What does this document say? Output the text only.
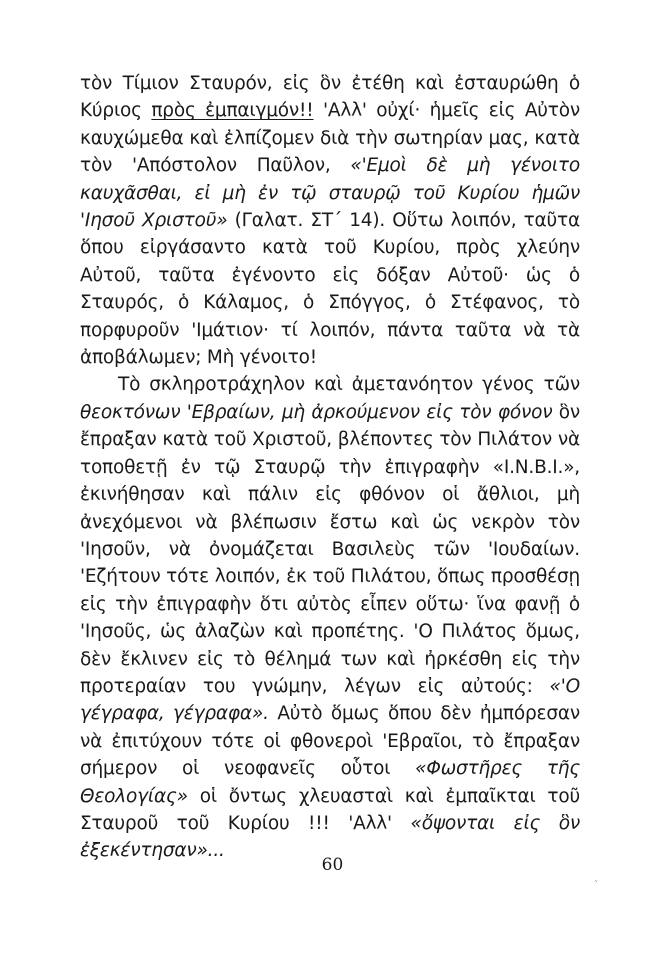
τὸν Τίμιον Σταυρόν, εἰς ὃν ἐτέθη καὶ ἐσταυρώθη ὁ Κύριος πρὸς ἐμπαιγμόν!! 'Αλλ' οὐχί· ἡμεῖς εἰς Αὐτὸν καυχώμεθα καὶ ἐλπίζομεν διὰ τὴν σωτηρίαν μας, κατὰ τὸν 'Απόστολον Παῦλον, «'Εμοὶ δὲ μὴ γένοιτο καυχᾶσθαι, εἰ μὴ ἐν τῷ σταυρῷ τοῦ Κυρίου ἡμῶν 'Ιησοῦ Χριστοῦ» (Γαλατ. ΣΤ΄ 14). Οὕτω λοιπόν, ταῦτα ὅπου εἰργάσαντο κατὰ τοῦ Κυρίου, πρὸς χλεύην Αὐτοῦ, ταῦτα ἐγένοντο εἰς δόξαν Αὐτοῦ· ὡς ὁ Σταυρός, ὁ Κάλαμος, ὁ Σπόγγος, ὁ Στέφανος, τὸ πορφυροῦν 'Ιμάτιον· τί λοιπόν, πάντα ταῦτα νὰ τὰ ἀποβάλωμεν; Μὴ γένοιτο!

Τὸ σκληροτράχηλον καὶ ἀμετανόητον γένος τῶν θεοκτόνων 'Εβραίων, μὴ ἀρκούμενον εἰς τὸν φόνον ὃν ἔπραξαν κατὰ τοῦ Χριστοῦ, βλέποντες τὸν Πιλάτον νὰ τοποθετῇ ἐν τῷ Σταυρῷ τὴν ἐπιγραφὴν «Ι.Ν.Β.Ι.», ἐκινήθησαν καὶ πάλιν εἰς φθόνον οἱ ἄθλιοι, μὴ ἀνεχόμενοι νὰ βλέπωσιν ἔστω καὶ ὡς νεκρὸν τὸν 'Ιησοῦν, νὰ ὀνομάζεται Βασιλεὺς τῶν 'Ιουδαίων. 'Εζήτουν τότε λοιπόν, ἐκ τοῦ Πιλάτου, ὅπως προσθέσῃ εἰς τὴν ἐπιγραφὴν ὅτι αὐτὸς εἶπεν οὕτω· ἵνα φανῇ ὁ 'Ιησοῦς, ὡς ἀλαζὼν καὶ προπέτης. 'Ο Πιλάτος ὅμως, δὲν ἔκλινεν εἰς τὸ θέλημά των καὶ ἠρκέσθη εἰς τὴν προτεραίαν του γνώμην, λέγων εἰς αὐτούς: «'Ο γέγραφα, γέγραφα». Αὐτὸ ὅμως ὅπου δὲν ἠμπόρεσαν νὰ ἐπιτύχουν τότε οἱ φθονεροὶ 'Εβραῖοι, τὸ ἔπραξαν σήμερον οἱ νεοφανεῖς οὗτοι «Φωστῆρες τῆς Θεολογίας» οἱ ὄντως χλευασταὶ καὶ ἐμπαῖκται τοῦ Σταυροῦ τοῦ Κυρίου !!! 'Αλλ' «ὄψονται εἰς ὃν ἐξεκέντησαν»...

60
`
